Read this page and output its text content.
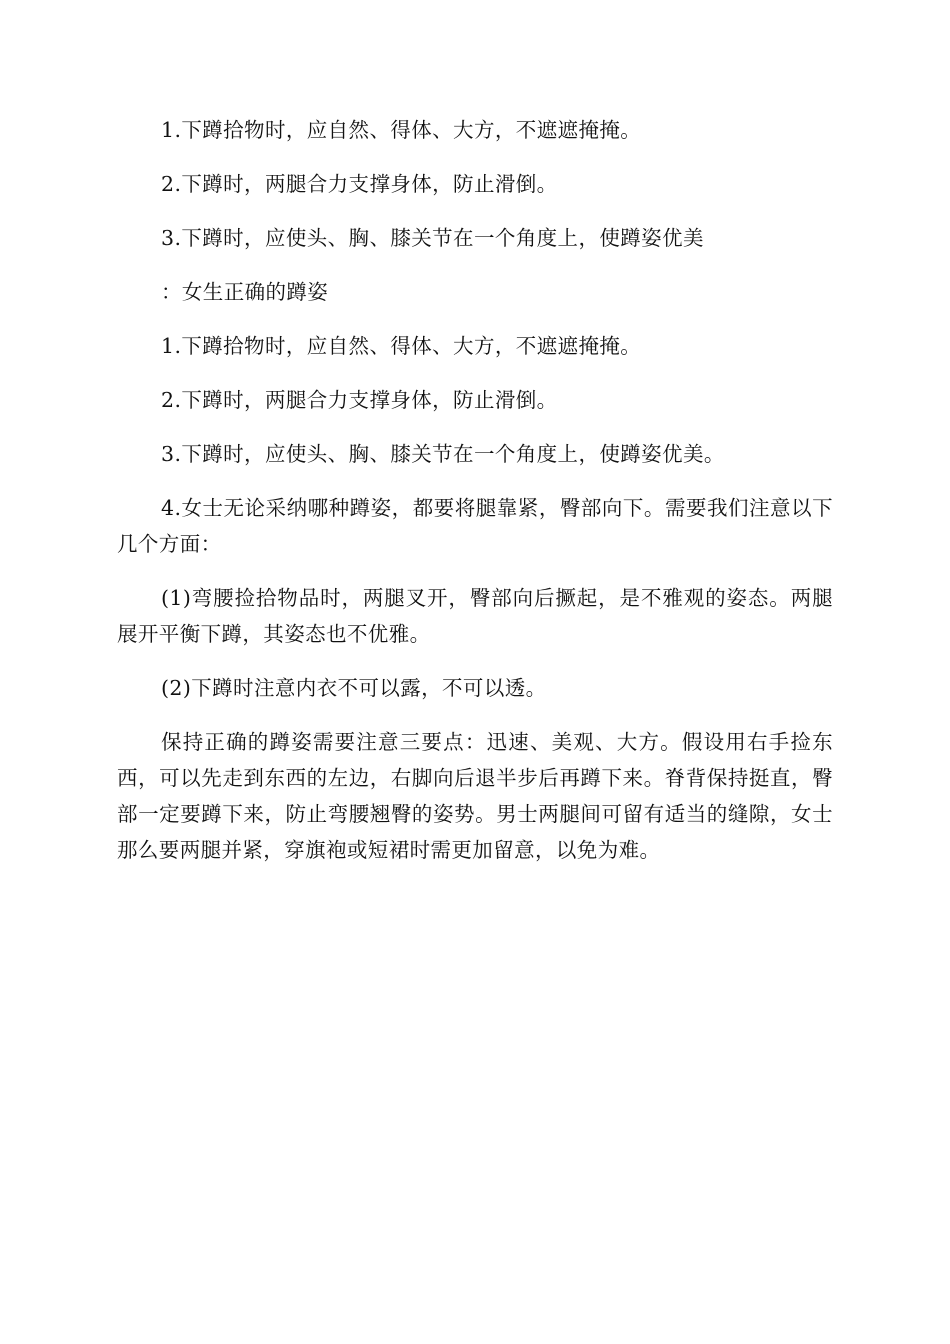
1.下蹲拾物时，应自然、得体、大方，不遮遮掩掩。

2.下蹲时，两腿合力支撑身体，防止滑倒。

3.下蹲时，应使头、胸、膝关节在一个角度上，使蹲姿优美

：女生正确的蹲姿

1.下蹲拾物时，应自然、得体、大方，不遮遮掩掩。

2.下蹲时，两腿合力支撑身体，防止滑倒。

3.下蹲时，应使头、胸、膝关节在一个角度上，使蹲姿优美。

4.女士无论采纳哪种蹲姿，都要将腿靠紧，臀部向下。需要我们注意以下几个方面：

(1)弯腰捡拾物品时，两腿叉开，臀部向后撅起，是不雅观的姿态。两腿展开平衡下蹲，其姿态也不优雅。

(2)下蹲时注意内衣不可以露，不可以透。

保持正确的蹲姿需要注意三要点：迅速、美观、大方。假设用右手捡东西，可以先走到东西的左边，右脚向后退半步后再蹲下来。脊背保持挺直，臀部一定要蹲下来，防止弯腰翘臀的姿势。男士两腿间可留有适当的缝隙，女士那么要两腿并紧，穿旗袍或短裙时需更加留意，以免为难。
